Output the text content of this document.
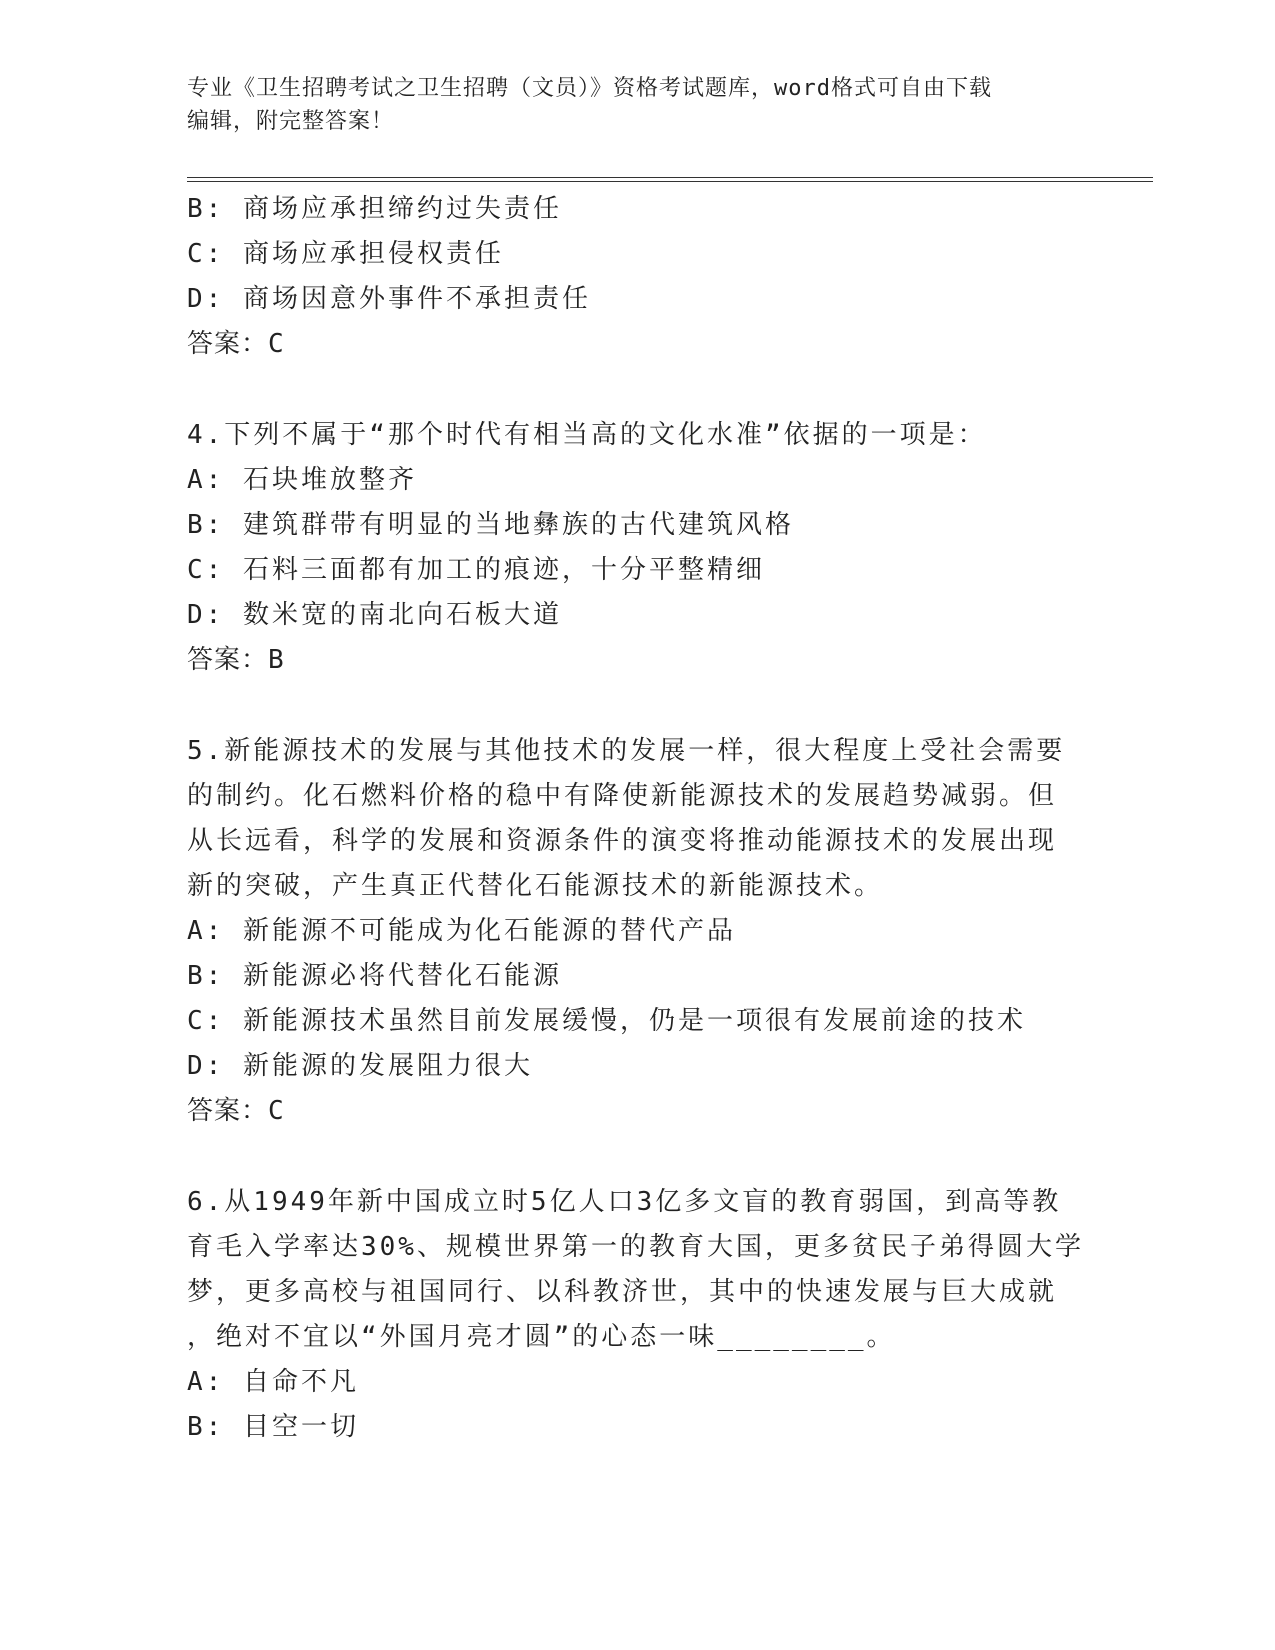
专业《卫生招聘考试之卫生招聘（文员）》资格考试题库，word格式可自由下载
编辑，附完整答案！
B: 商场应承担缔约过失责任
C: 商场应承担侵权责任
D: 商场因意外事件不承担责任
答案：C
4.下列不属于“那个时代有相当高的文化水准”依据的一项是：
A: 石块堆放整齐
B: 建筑群带有明显的当地彝族的古代建筑风格
C: 石料三面都有加工的痕迹，十分平整精细
D: 数米宽的南北向石板大道
答案：B
5.新能源技术的发展与其他技术的发展一样，很大程度上受社会需要
的制约。化石燃料价格的稳中有降使新能源技术的发展趋势减弱。但
从长远看，科学的发展和资源条件的演变将推动能源技术的发展出现
新的突破，产生真正代替化石能源技术的新能源技术。
A: 新能源不可能成为化石能源的替代产品
B: 新能源必将代替化石能源
C: 新能源技术虽然目前发展缓慢，仍是一项很有发展前途的技术
D: 新能源的发展阻力很大
答案：C
6.从1949年新中国成立时5亿人口3亿多文盲的教育弱国，到高等教
育毛入学率达30%、规模世界第一的教育大国，更多贫民子弟得圆大学
梦，更多高校与祖国同行、以科教济世，其中的快速发展与巨大成就
，绝对不宜以“外国月亮才圆”的心态一味________。
A: 自命不凡
B: 目空一切
